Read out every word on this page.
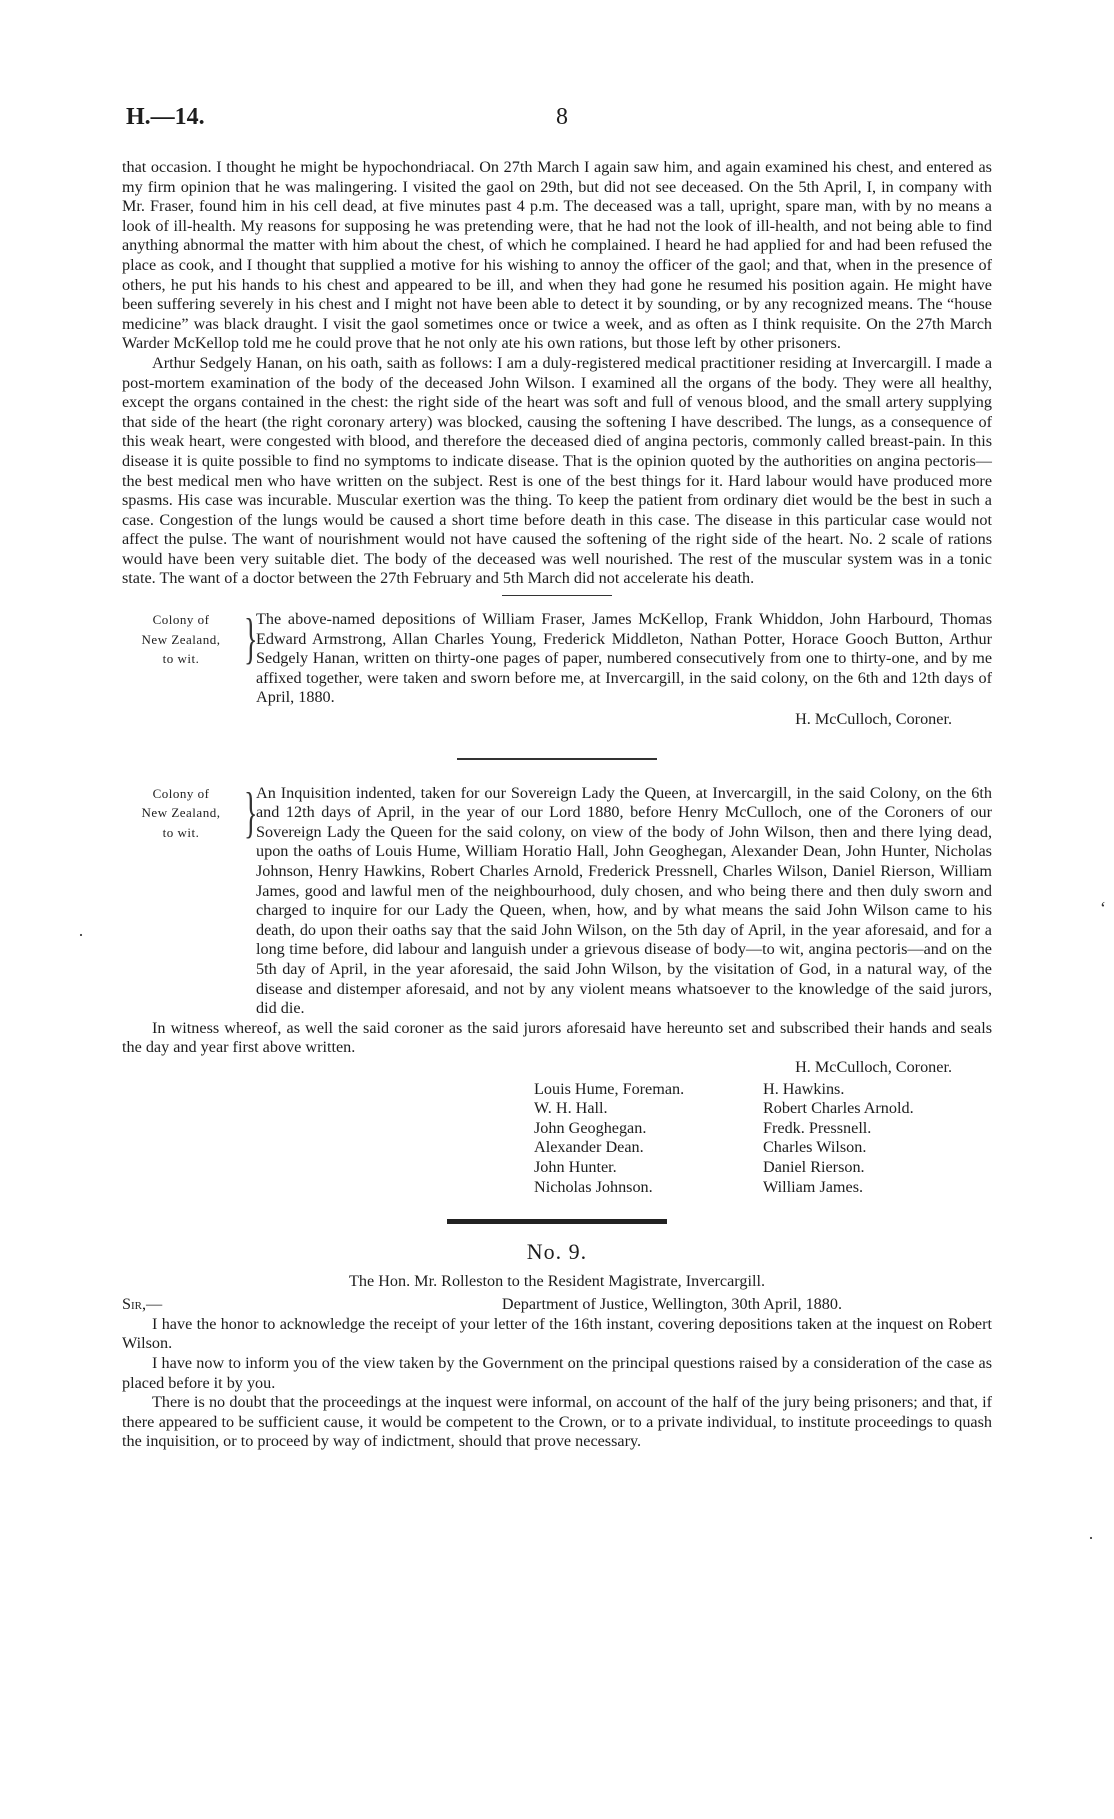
H.—14.	8

that occasion. I thought he might be hypochondriacal. On 27th March I again saw him, and again examined his chest, and entered as my firm opinion that he was malingering. I visited the gaol on 29th, but did not see deceased. On the 5th April, I, in company with Mr. Fraser, found him in his cell dead, at five minutes past 4 p.m. The deceased was a tall, upright, spare man, with by no means a look of ill-health. My reasons for supposing he was pretending were, that he had not the look of ill-health, and not being able to find anything abnormal the matter with him about the chest, of which he complained. I heard he had applied for and had been refused the place as cook, and I thought that supplied a motive for his wishing to annoy the officer of the gaol; and that, when in the presence of others, he put his hands to his chest and appeared to be ill, and when they had gone he resumed his position again. He might have been suffering severely in his chest and I might not have been able to detect it by sounding, or by any recognized means. The “house medicine” was black draught. I visit the gaol sometimes once or twice a week, and as often as I think requisite. On the 27th March Warder McKellop told me he could prove that he not only ate his own rations, but those left by other prisoners.

Arthur Sedgely Hanan, on his oath, saith as follows: I am a duly-registered medical practitioner residing at Invercargill. I made a post-mortem examination of the body of the deceased John Wilson. I examined all the organs of the body. They were all healthy, except the organs contained in the chest: the right side of the heart was soft and full of venous blood, and the small artery supplying that side of the heart (the right coronary artery) was blocked, causing the softening I have described. The lungs, as a consequence of this weak heart, were congested with blood, and therefore the deceased died of angina pectoris, commonly called breast-pain. In this disease it is quite possible to find no symptoms to indicate disease. That is the opinion quoted by the authorities on angina pectoris—the best medical men who have written on the subject. Rest is one of the best things for it. Hard labour would have produced more spasms. His case was incurable. Muscular exertion was the thing. To keep the patient from ordinary diet would be the best in such a case. Congestion of the lungs would be caused a short time before death in this case. The disease in this particular case would not affect the pulse. The want of nourishment would not have caused the softening of the right side of the heart. No. 2 scale of rations would have been very suitable diet. The body of the deceased was well nourished. The rest of the muscular system was in a tonic state. The want of a doctor between the 27th February and 5th March did not accelerate his death.

Colony of
New Zealand,
to wit. }
The above-named depositions of William Fraser, James McKellop, Frank Whiddon, John Harbourd, Thomas Edward Armstrong, Allan Charles Young, Frederick Middleton, Nathan Potter, Horace Gooch Button, Arthur Sedgely Hanan, written on thirty-one pages of paper, numbered consecutively from one to thirty-one, and by me affixed together, were taken and sworn before me, at Invercargill, in the said colony, on the 6th and 12th days of April, 1880.
H. McCulloch, Coroner.
Colony of
New Zealand,
to wit. }
An Inquisition indented, taken for our Sovereign Lady the Queen, at Invercargill, in the said Colony, on the 6th and 12th days of April, in the year of our Lord 1880, before Henry McCulloch, one of the Coroners of our Sovereign Lady the Queen for the said colony, on view of the body of John Wilson, then and there lying dead, upon the oaths of Louis Hume, William Horatio Hall, John Geoghegan, Alexander Dean, John Hunter, Nicholas Johnson, Henry Hawkins, Robert Charles Arnold, Frederick Pressnell, Charles Wilson, Daniel Rierson, William James, good and lawful men of the neighbourhood, duly chosen, and who being there and then duly sworn and charged to inquire for our Lady the Queen, when, how, and by what means the said John Wilson came to his death, do upon their oaths say that the said John Wilson, on the 5th day of April, in the year aforesaid, and for a long time before, did labour and languish under a grievous disease of body—to wit, angina pectoris—and on the 5th day of April, in the year aforesaid, the said John Wilson, by the visitation of God, in a natural way, of the disease and distemper aforesaid, and not by any violent means whatsoever to the knowledge of the said jurors, did die.

In witness whereof, as well the said coroner as the said jurors aforesaid have hereunto set and subscribed their hands and seals the day and year first above written.

H. McCulloch, Coroner.
Louis Hume, Foreman.
W. H. Hall.
John Geoghegan.
Alexander Dean.
John Hunter.
Nicholas Johnson.
H. Hawkins.
Robert Charles Arnold.
Fredk. Pressnell.
Charles Wilson.
Daniel Rierson.
William James.
No. 9.
The Hon. Mr. Rolleston to the Resident Magistrate, Invercargill.
Sir,—	Department of Justice, Wellington, 30th April, 1880.

I have the honor to acknowledge the receipt of your letter of the 16th instant, covering depositions taken at the inquest on Robert Wilson.

I have now to inform you of the view taken by the Government on the principal questions raised by a consideration of the case as placed before it by you.

There is no doubt that the proceedings at the inquest were informal, on account of the half of the jury being prisoners; and that, if there appeared to be sufficient cause, it would be competent to the Crown, or to a private individual, to institute proceedings to quash the inquisition, or to proceed by way of indictment, should that prove necessary.

‘
·
·
